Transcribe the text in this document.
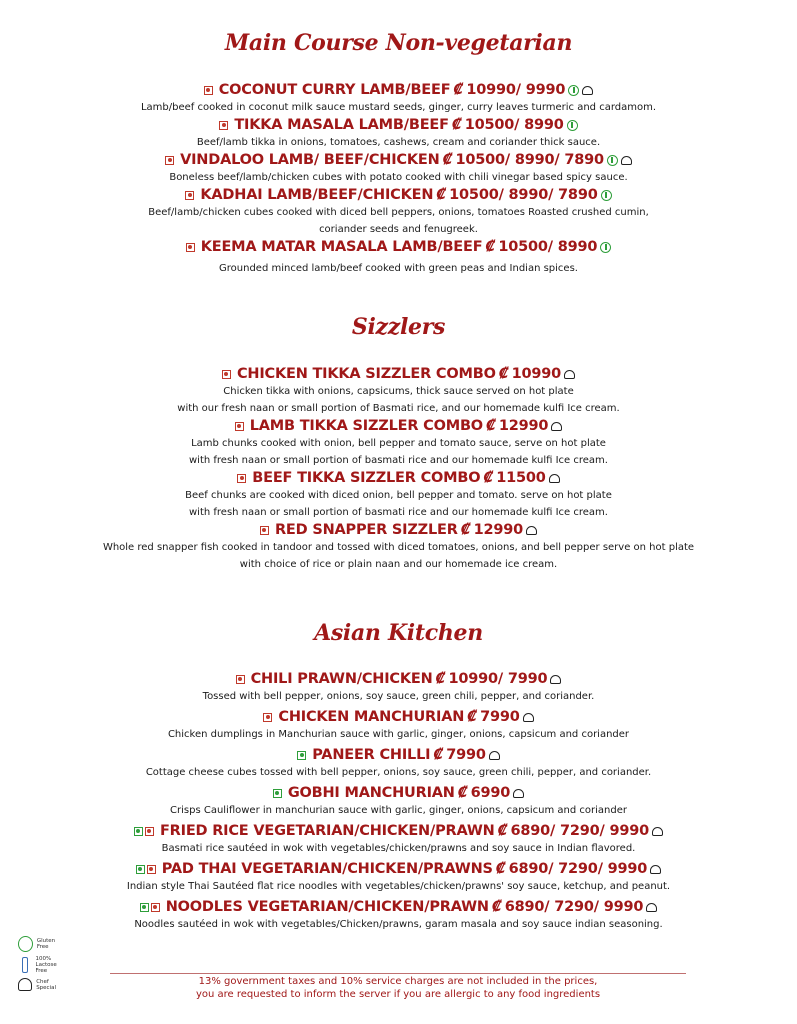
Main Course Non-vegetarian
COCONUT CURRY LAMB/BEEF ₡ 10990/ 9990

Lamb/beef cooked in coconut milk sauce mustard seeds, ginger, curry leaves turmeric and cardamom.

TIKKA MASALA LAMB/BEEF ₡ 10500/ 8990

Beef/lamb tikka in onions, tomatoes, cashews, cream and coriander thick sauce.

VINDALOO LAMB/ BEEF/CHICKEN ₡ 10500/ 8990/ 7890

Boneless beef/lamb/chicken cubes with potato cooked with chili vinegar based spicy sauce.

KADHAI LAMB/BEEF/CHICKEN ₡ 10500/ 8990/ 7890

Beef/lamb/chicken cubes cooked with diced bell peppers, onions, tomatoes Roasted crushed cumin,

coriander seeds and fenugreek.

KEEMA MATAR MASALA LAMB/BEEF ₡ 10500/ 8990

Grounded minced lamb/beef cooked with green peas and Indian spices.

Sizzlers
CHICKEN TIKKA SIZZLER COMBO ₡ 10990

Chicken tikka with onions, capsicums, thick sauce served on hot plate

with our fresh naan or small portion of Basmati rice, and our homemade kulfi Ice cream.

LAMB TIKKA SIZZLER COMBO ₡ 12990

Lamb chunks cooked with onion, bell pepper and tomato sauce, serve on hot plate

with fresh naan or small portion of basmati rice and our homemade kulfi Ice cream.

BEEF TIKKA SIZZLER COMBO ₡ 11500

Beef chunks are cooked with diced onion, bell pepper and tomato. serve on hot plate

with fresh naan or small portion of basmati rice and our homemade kulfi Ice cream.

RED SNAPPER SIZZLER ₡ 12990

Whole red snapper fish cooked in tandoor and tossed with diced tomatoes, onions, and bell pepper serve on hot plate

with choice of rice or plain naan and our homemade ice cream.

Asian Kitchen
CHILI PRAWN/CHICKEN ₡ 10990/ 7990

Tossed with bell pepper, onions, soy sauce, green chili, pepper, and coriander.

CHICKEN MANCHURIAN ₡ 7990

Chicken dumplings in Manchurian sauce with garlic, ginger, onions, capsicum and coriander

PANEER CHILLI ₡ 7990

Cottage cheese cubes tossed with bell pepper, onions, soy sauce, green chili, pepper, and coriander.

GOBHI MANCHURIAN ₡ 6990

Crisps Cauliflower in manchurian sauce with garlic, ginger, onions, capsicum and coriander

FRIED RICE VEGETARIAN/CHICKEN/PRAWN ₡ 6890/ 7290/ 9990

Basmati rice sautéed in wok with vegetables/chicken/prawns and soy sauce in Indian flavored.

PAD THAI VEGETARIAN/CHICKEN/PRAWNS ₡ 6890/ 7290/ 9990

Indian style Thai Sautéed flat rice noodles with vegetables/chicken/prawns' soy sauce, ketchup, and peanut.

NOODLES VEGETARIAN/CHICKEN/PRAWN ₡ 6890/ 7290/ 9990

Noodles sautéed in wok with vegetables/Chicken/prawns, garam masala and soy sauce indian seasoning.

Gluten Free
100% Lactose Free
Chef Special
13% government taxes and 10% service charges are not included in the prices,
you are requested to inform the server if you are allergic to any food ingredients
